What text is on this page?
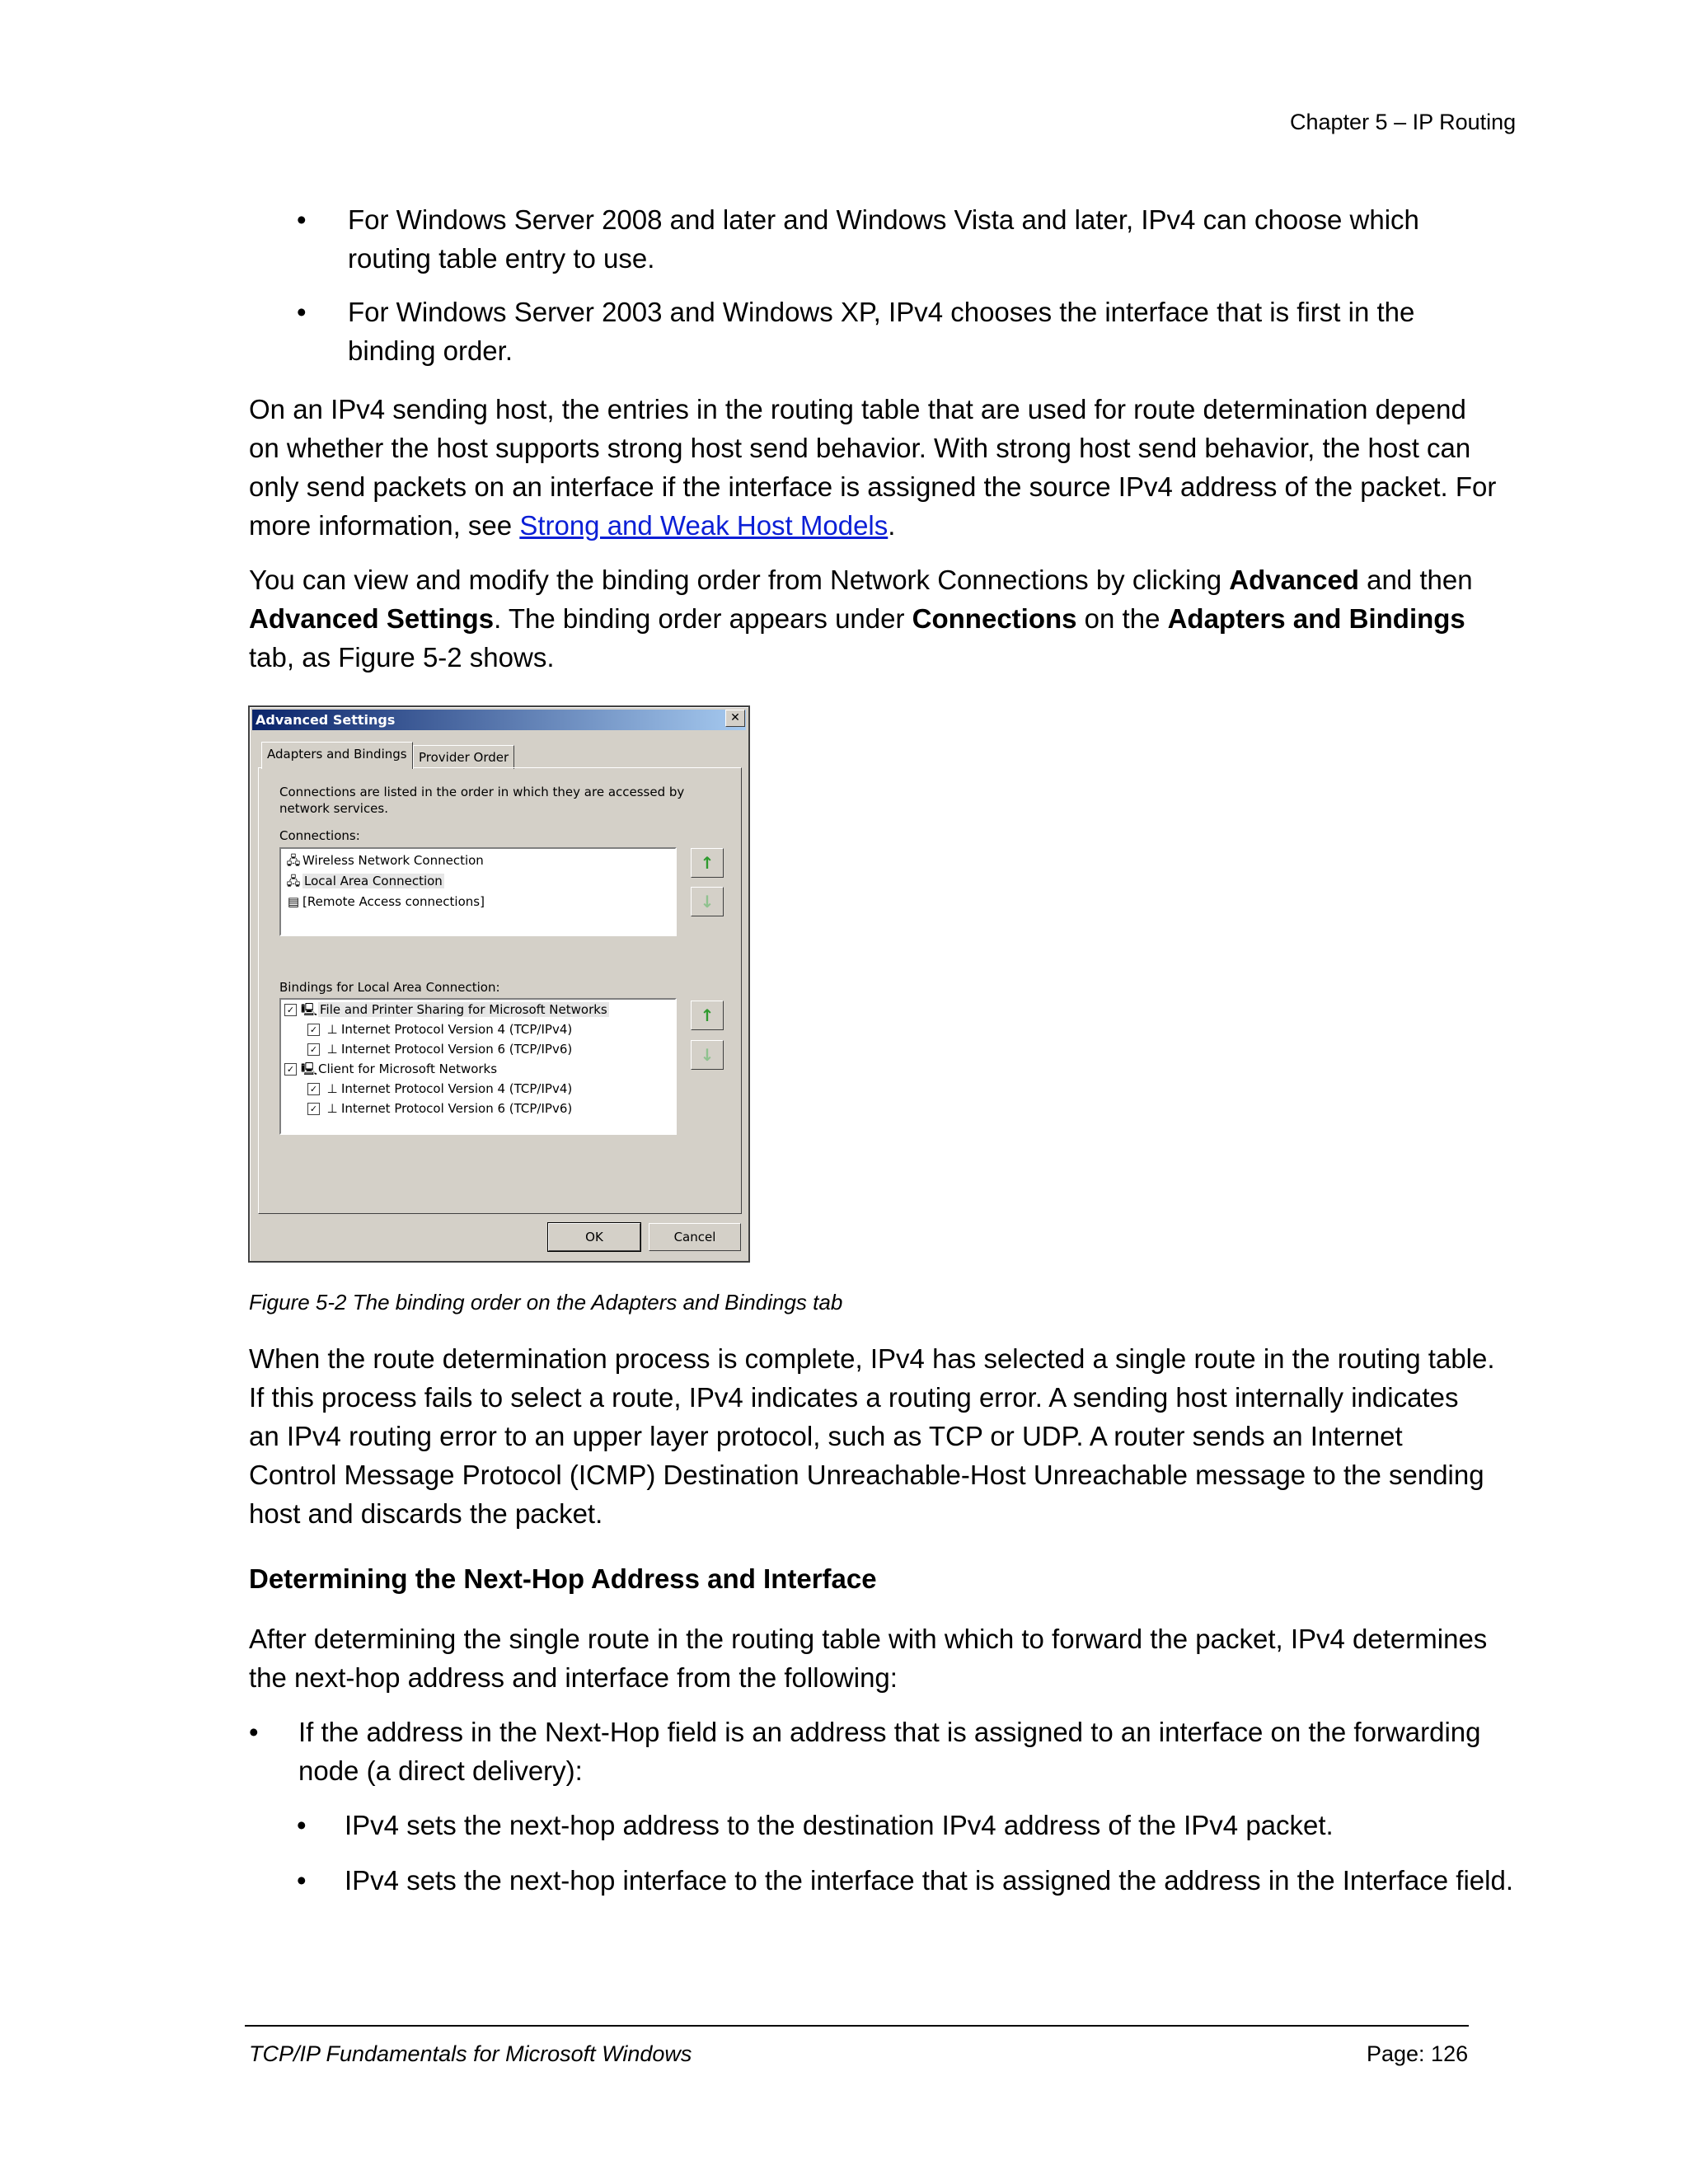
Chapter 5 – IP Routing
• For Windows Server 2008 and later and Windows Vista and later, IPv4 can choose which
routing table entry to use.
• For Windows Server 2003 and Windows XP, IPv4 chooses the interface that is first in the
binding order.
On an IPv4 sending host, the entries in the routing table that are used for route determination depend
on whether the host supports strong host send behavior. With strong host send behavior, the host can
only send packets on an interface if the interface is assigned the source IPv4 address of the packet. For
more information, see Strong and Weak Host Models.
You can view and modify the binding order from Network Connections by clicking Advanced and then
Advanced Settings. The binding order appears under Connections on the Adapters and Bindings
tab, as Figure 5-2 shows.
Advanced Settings	✕
Adapters and Bindings Provider Order
Connections are listed in the order in which they are accessed by
network services.
Connections:
🖧 Wireless Network Connection
🖧 Local Area Connection
▤ [Remote Access connections]
↑
↓
Bindings for Local Area Connection:
✓ 🖳 File and Printer Sharing for Microsoft Networks
✓ ⊥ Internet Protocol Version 4 (TCP/IPv4)
✓ ⊥ Internet Protocol Version 6 (TCP/IPv6)
✓ 🖳Client for Microsoft Networks
✓ ⊥ Internet Protocol Version 4 (TCP/IPv4)
✓ ⊥ Internet Protocol Version 6 (TCP/IPv6)
↑
↓
OK	Cancel
Figure 5-2 The binding order on the Adapters and Bindings tab
When the route determination process is complete, IPv4 has selected a single route in the routing table.
If this process fails to select a route, IPv4 indicates a routing error. A sending host internally indicates
an IPv4 routing error to an upper layer protocol, such as TCP or UDP. A router sends an Internet
Control Message Protocol (ICMP) Destination Unreachable-Host Unreachable message to the sending
host and discards the packet.
Determining the Next-Hop Address and Interface
After determining the single route in the routing table with which to forward the packet, IPv4 determines
the next-hop address and interface from the following:
• If the address in the Next-Hop field is an address that is assigned to an interface on the forwarding
node (a direct delivery):
• IPv4 sets the next-hop address to the destination IPv4 address of the IPv4 packet.
• IPv4 sets the next-hop interface to the interface that is assigned the address in the Interface field.
TCP/IP Fundamentals for Microsoft Windows	Page: 126
